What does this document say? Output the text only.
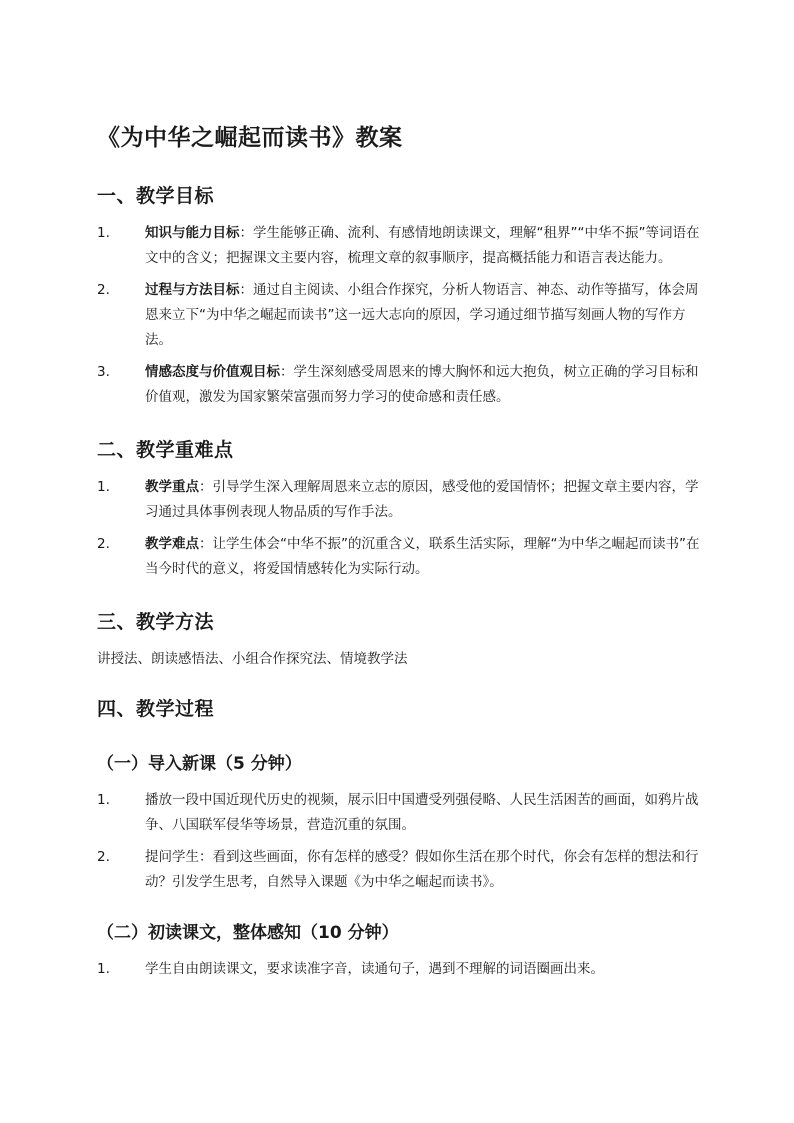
《为中华之崛起而读书》教案
一、教学目标
1.	知识与能力目标：学生能够正确、流利、有感情地朗读课文，理解“租界”“中华不振”等词语在文中的含义；把握课文主要内容，梳理文章的叙事顺序，提高概括能力和语言表达能力。
2.	过程与方法目标：通过自主阅读、小组合作探究，分析人物语言、神态、动作等描写，体会周恩来立下“为中华之崛起而读书”这一远大志向的原因，学习通过细节描写刻画人物的写作方法。
3.	情感态度与价值观目标：学生深刻感受周恩来的博大胸怀和远大抱负，树立正确的学习目标和价值观，激发为国家繁荣富强而努力学习的使命感和责任感。
二、教学重难点
1.	教学重点：引导学生深入理解周恩来立志的原因，感受他的爱国情怀；把握文章主要内容，学习通过具体事例表现人物品质的写作手法。
2.	教学难点：让学生体会“中华不振”的沉重含义，联系生活实际，理解“为中华之崛起而读书”在当今时代的意义，将爱国情感转化为实际行动。
三、教学方法

讲授法、朗读感悟法、小组合作探究法、情境教学法

四、教学过程
（一）导入新课（5 分钟）
1.	播放一段中国近现代历史的视频，展示旧中国遭受列强侵略、人民生活困苦的画面，如鸦片战争、八国联军侵华等场景，营造沉重的氛围。
2.	提问学生：看到这些画面，你有怎样的感受？假如你生活在那个时代，你会有怎样的想法和行动？引发学生思考，自然导入课题《为中华之崛起而读书》。
（二）初读课文，整体感知（10 分钟）
1.	学生自由朗读课文，要求读准字音，读通句子，遇到不理解的词语圈画出来。
